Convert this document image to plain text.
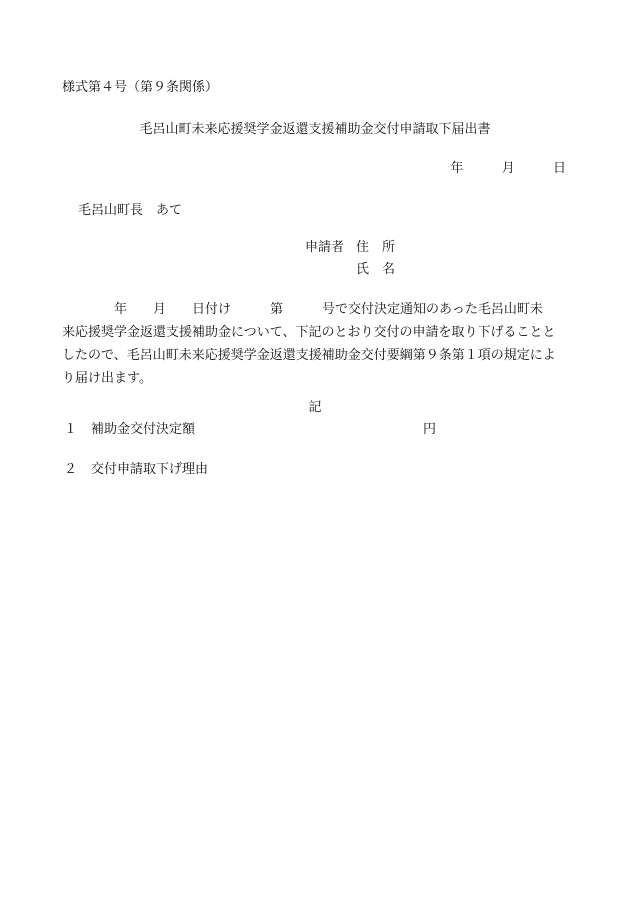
様式第４号（第９条関係）
毛呂山町未来応援奨学金返還支援補助金交付申請取下届出書
年	月	日
毛呂山町長　あて
申請者 住　所
氏　名
　　　　年　　月　　日付け　　　第　　　号で交付決定通知のあった毛呂山町未
来応援奨学金返還支援補助金について、下記のとおり交付の申請を取り下げることと
したので、毛呂山町未来応援奨学金返還支援補助金交付要綱第９条第１項の規定によ
り届け出ます。
記
１ 補助金交付決定額	円
２ 交付申請取下げ理由
